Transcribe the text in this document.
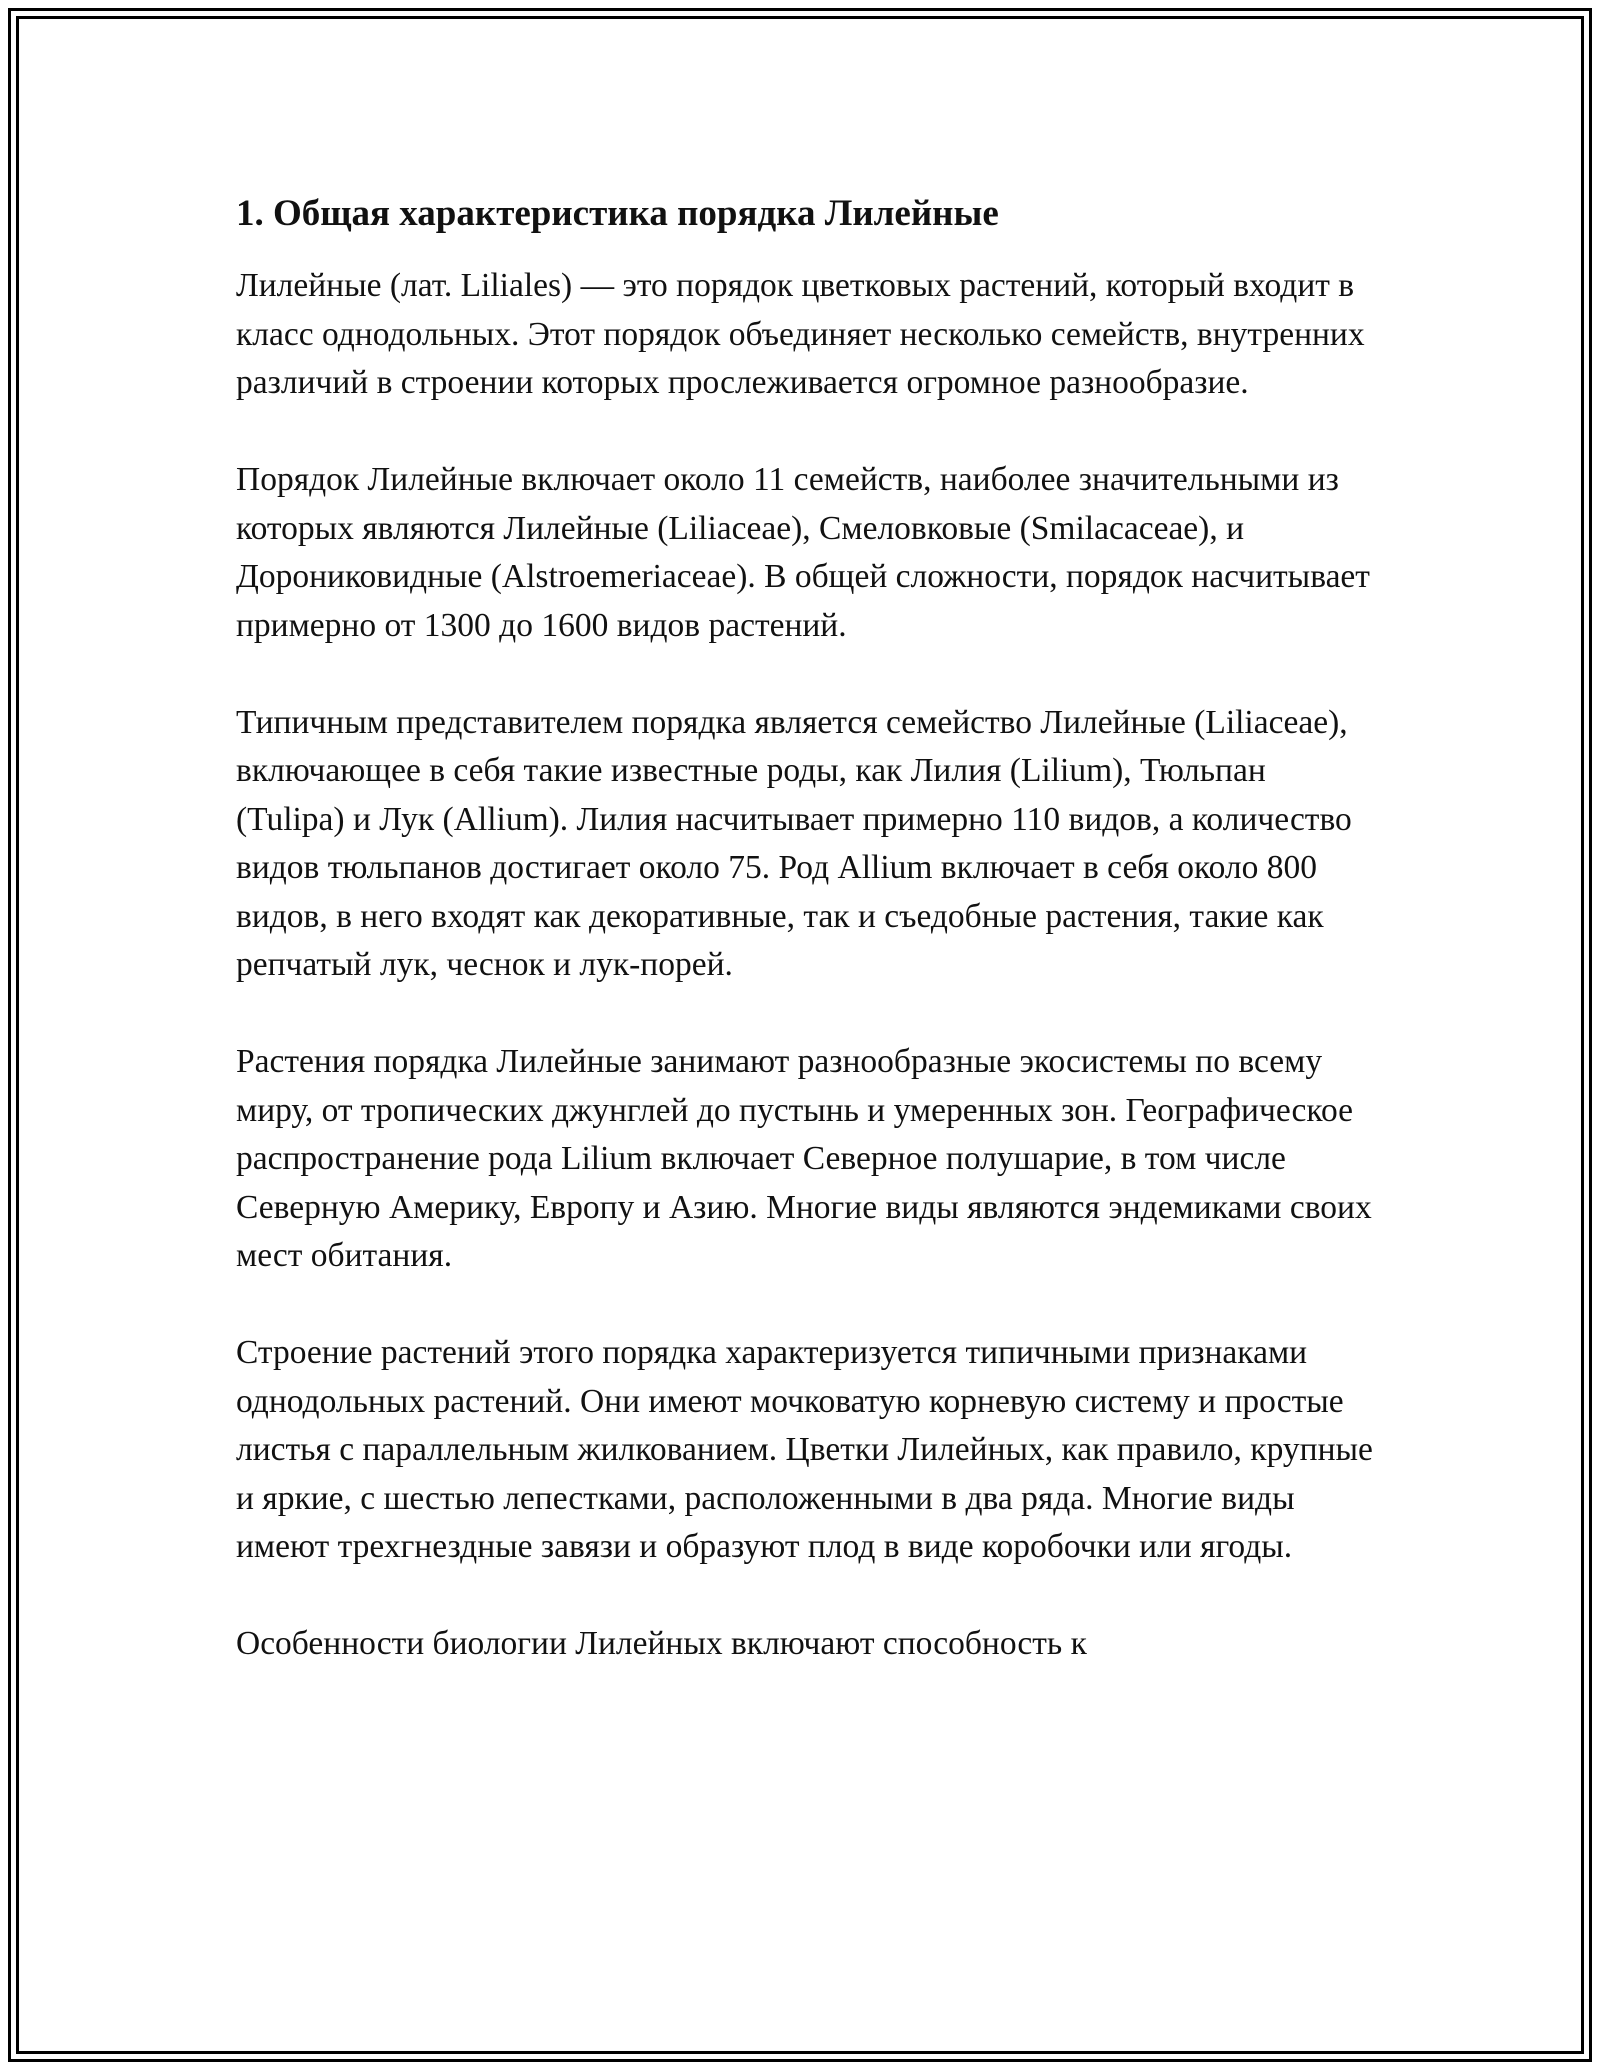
1. Общая характеристика порядка Лилейные

Лилейные (лат. Liliales) — это порядок цветковых растений, который входит в класс однодольных. Этот порядок объединяет несколько семейств, внутренних различий в строении которых прослеживается огромное разнообразие.

Порядок Лилейные включает около 11 семейств, наиболее значительными из которых являются Лилейные (Liliaceae), Смеловковые (Smilacaceae), и Дорониковидные (Alstroemeriaceae). В общей сложности, порядок насчитывает примерно от 1300 до 1600 видов растений.

Типичным представителем порядка является семейство Лилейные (Liliaceae), включающее в себя такие известные роды, как Лилия (Lilium), Тюльпан (Tulipa) и Лук (Allium). Лилия насчитывает примерно 110 видов, а количество видов тюльпанов достигает около 75. Род Allium включает в себя около 800 видов, в него входят как декоративные, так и съедобные растения, такие как репчатый лук, чеснок и лук-порей.

Растения порядка Лилейные занимают разнообразные экосистемы по всему миру, от тропических джунглей до пустынь и умеренных зон. Географическое распространение рода Lilium включает Северное полушарие, в том числе Северную Америку, Европу и Азию. Многие виды являются эндемиками своих мест обитания.

Строение растений этого порядка характеризуется типичными признаками однодольных растений. Они имеют мочковатую корневую систему и простые листья с параллельным жилкованием. Цветки Лилейных, как правило, крупные и яркие, с шестью лепестками, расположенными в два ряда. Многие виды имеют трехгнездные завязи и образуют плод в виде коробочки или ягоды.

Особенности биологии Лилейных включают способность к
